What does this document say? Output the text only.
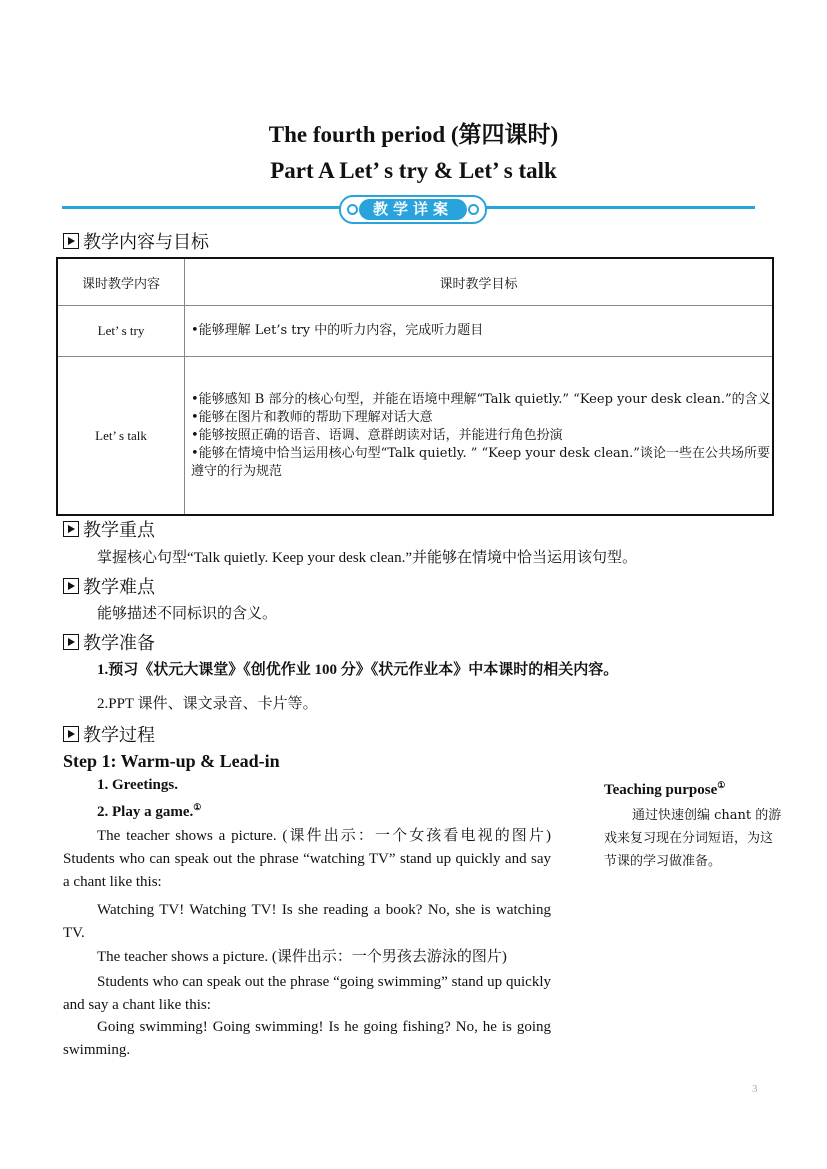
The fourth period (第四课时)
Part A Let’ s try & Let’ s talk
教学详案
教学内容与目标
课时教学内容	课时教学目标
Let’ s try	•能够理解 Let’s try 中的听力内容，完成听力题目

Let’ s talk	•能够感知 B 部分的核心句型，并能在语境中理解“Talk quietly.” “Keep your desk clean.”的含义

•能够在图片和教师的帮助下理解对话大意

•能够按照正确的语音、语调、意群朗读对话，并能进行角色扮演

•能够在情境中恰当运用核心句型“Talk quietly. ” “Keep your desk clean.”谈论一些在公共场所要遵守的行为规范

教学重点
掌握核心句型“Talk quietly. Keep your desk clean.”并能够在情境中恰当运用该句型。
教学难点
能够描述不同标识的含义。
教学准备
1.预习《状元大课堂》《创优作业 100 分》《状元作业本》中本课时的相关内容。
2.PPT 课件、课文录音、卡片等。
教学过程
Step 1: Warm-up & Lead-in
1. Greetings.
2. Play a game.①
The teacher shows a picture. (课件出示：一个女孩看电视的图片) Students who can speak out the phrase “watching TV” stand up quickly and say a chant like this:
Watching TV! Watching TV! Is she reading a book? No, she is watching TV.
The teacher shows a picture. (课件出示：一个男孩去游泳的图片)
Students who can speak out the phrase “going swimming” stand up quickly and say a chant like this:
Going swimming! Going swimming! Is he going fishing? No, he is going swimming.
Teaching purpose①
通过快速创编 chant 的游戏来复习现在分词短语，为这节课的学习做准备。
3
